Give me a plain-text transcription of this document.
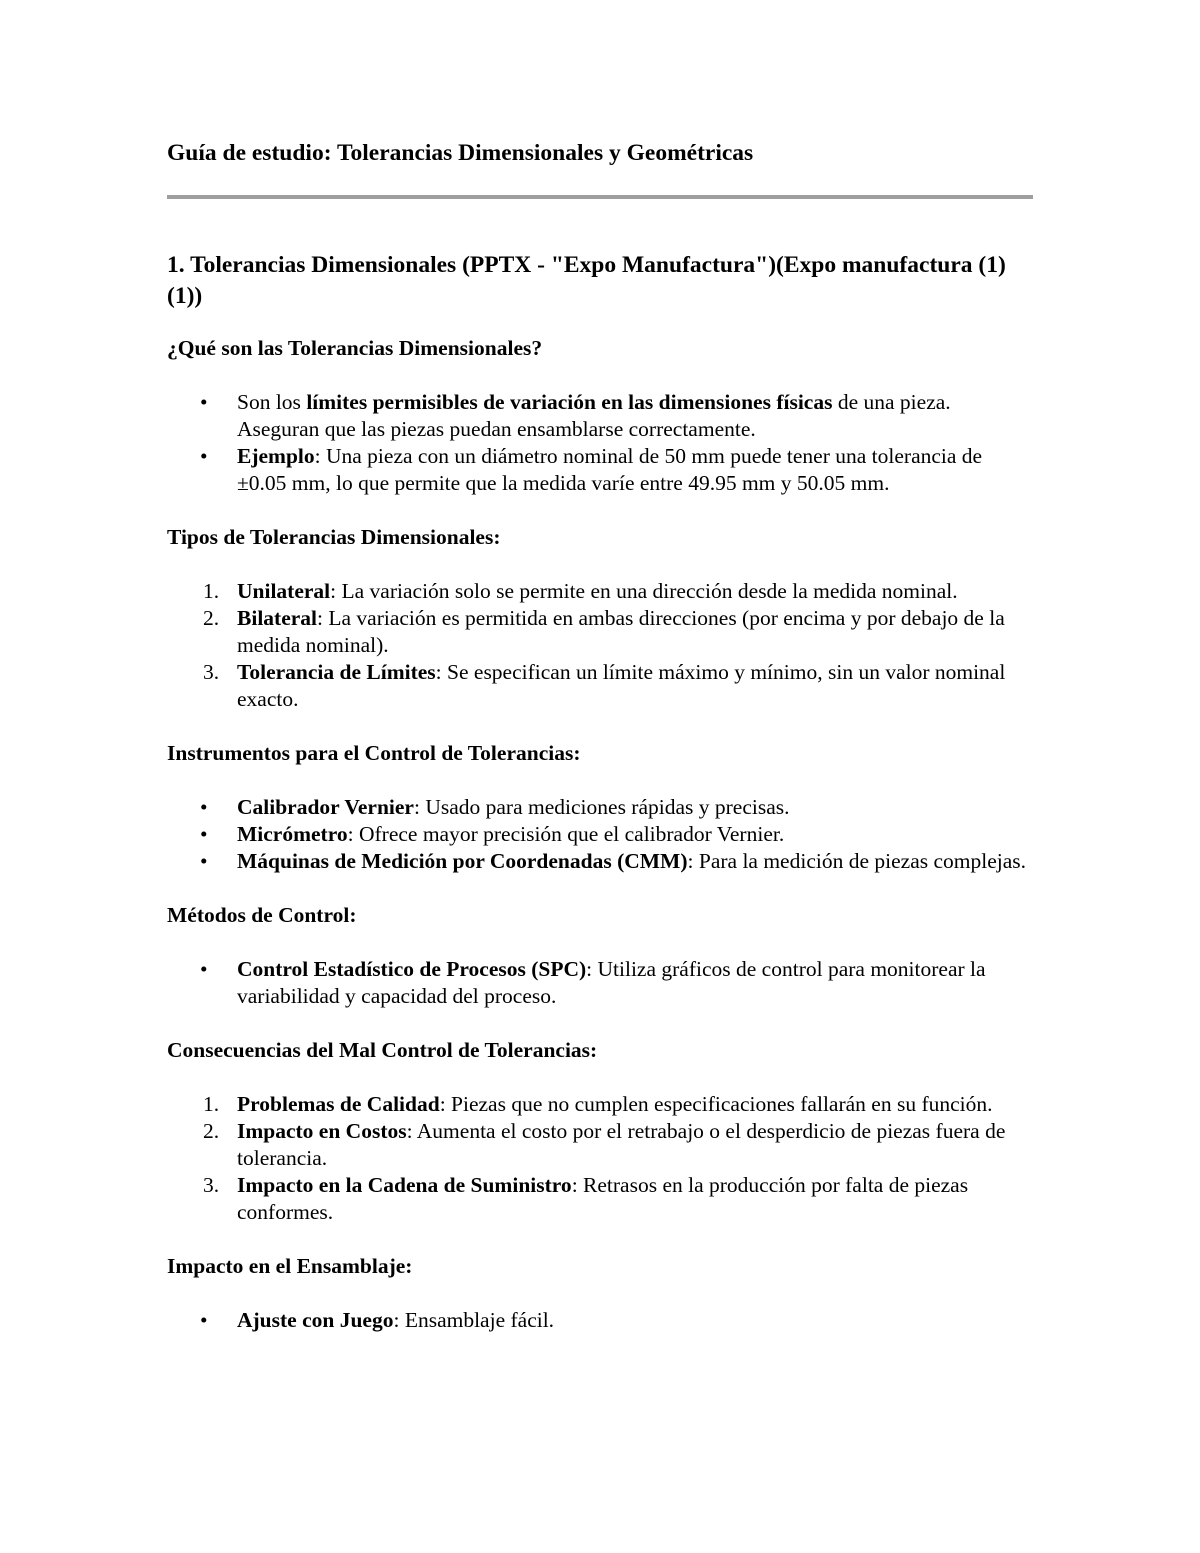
Guía de estudio: Tolerancias Dimensionales y Geométricas

1. Tolerancias Dimensionales (PPTX - "Expo Manufactura")(Expo manufactura (1) (1))

¿Qué son las Tolerancias Dimensionales?

• Son los límites permisibles de variación en las dimensiones físicas de una pieza. Aseguran que las piezas puedan ensamblarse correctamente.
• Ejemplo: Una pieza con un diámetro nominal de 50 mm puede tener una tolerancia de ±0.05 mm, lo que permite que la medida varíe entre 49.95 mm y 50.05 mm.

Tipos de Tolerancias Dimensionales:

1. Unilateral: La variación solo se permite en una dirección desde la medida nominal.
2. Bilateral: La variación es permitida en ambas direcciones (por encima y por debajo de la medida nominal).
3. Tolerancia de Límites: Se especifican un límite máximo y mínimo, sin un valor nominal exacto.

Instrumentos para el Control de Tolerancias:

• Calibrador Vernier: Usado para mediciones rápidas y precisas.
• Micrómetro: Ofrece mayor precisión que el calibrador Vernier.
• Máquinas de Medición por Coordenadas (CMM): Para la medición de piezas complejas.

Métodos de Control:

• Control Estadístico de Procesos (SPC): Utiliza gráficos de control para monitorear la variabilidad y capacidad del proceso.

Consecuencias del Mal Control de Tolerancias:

1. Problemas de Calidad: Piezas que no cumplen especificaciones fallarán en su función.
2. Impacto en Costos: Aumenta el costo por el retrabajo o el desperdicio de piezas fuera de tolerancia.
3. Impacto en la Cadena de Suministro: Retrasos en la producción por falta de piezas conformes.

Impacto en el Ensamblaje:

• Ajuste con Juego: Ensamblaje fácil.
